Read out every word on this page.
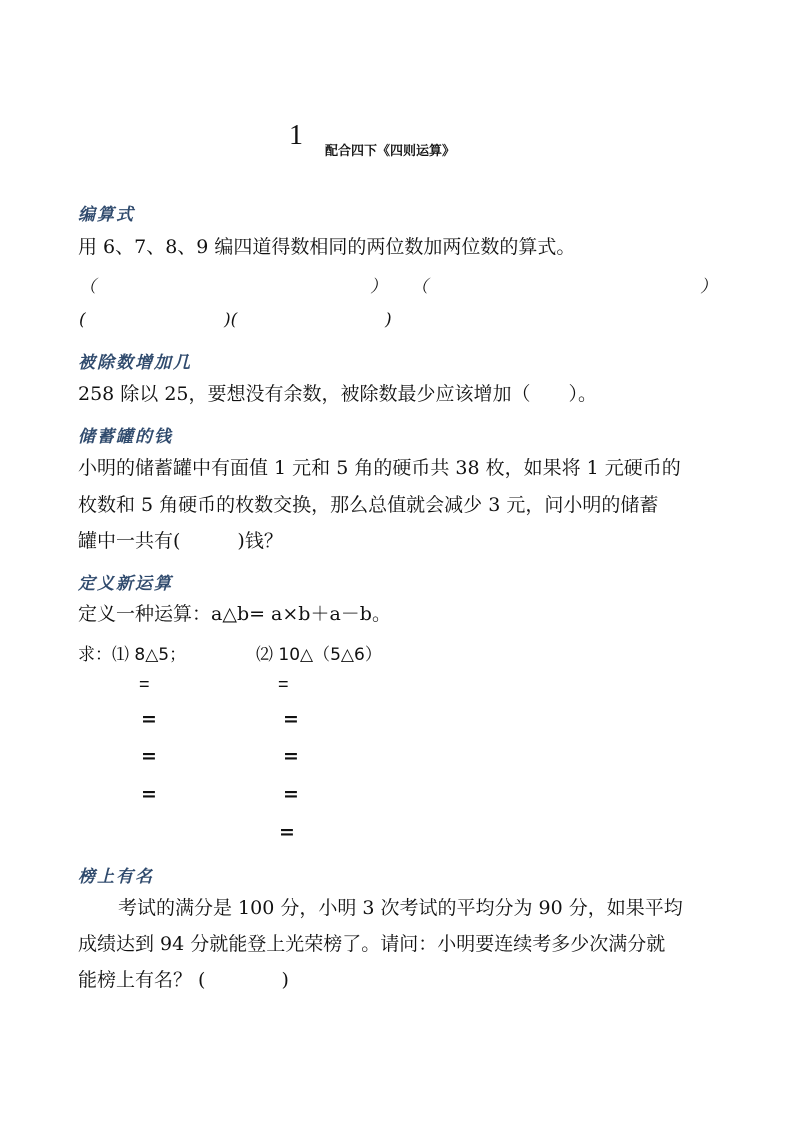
1
配合四下《四则运算》
编算式
用 6、7、8、9 编四道得数相同的两位数加两位数的算式。
（	） （	）
(	)(	)
被除数增加几
258 除以 25，要想没有余数，被除数最少应该增加（　　）。
储蓄罐的钱
小明的储蓄罐中有面值 1 元和 5 角的硬币共 38 枚，如果将 1 元硬币的
枚数和 5 角硬币的枚数交换，那么总值就会减少 3 元，问小明的储蓄
罐中一共有(　　　)钱？
定义新运算
定义一种运算：a△b= a×b＋a－b。
求：⑴ 8△5；	⑵ 10△（5△6）
=	=
=	=
=	=
=	=
=
榜上有名
考试的满分是 100 分，小明 3 次考试的平均分为 90 分，如果平均
成绩达到 94 分就能登上光荣榜了。请问：小明要连续考多少次满分就
能榜上有名？ (　　　　)
